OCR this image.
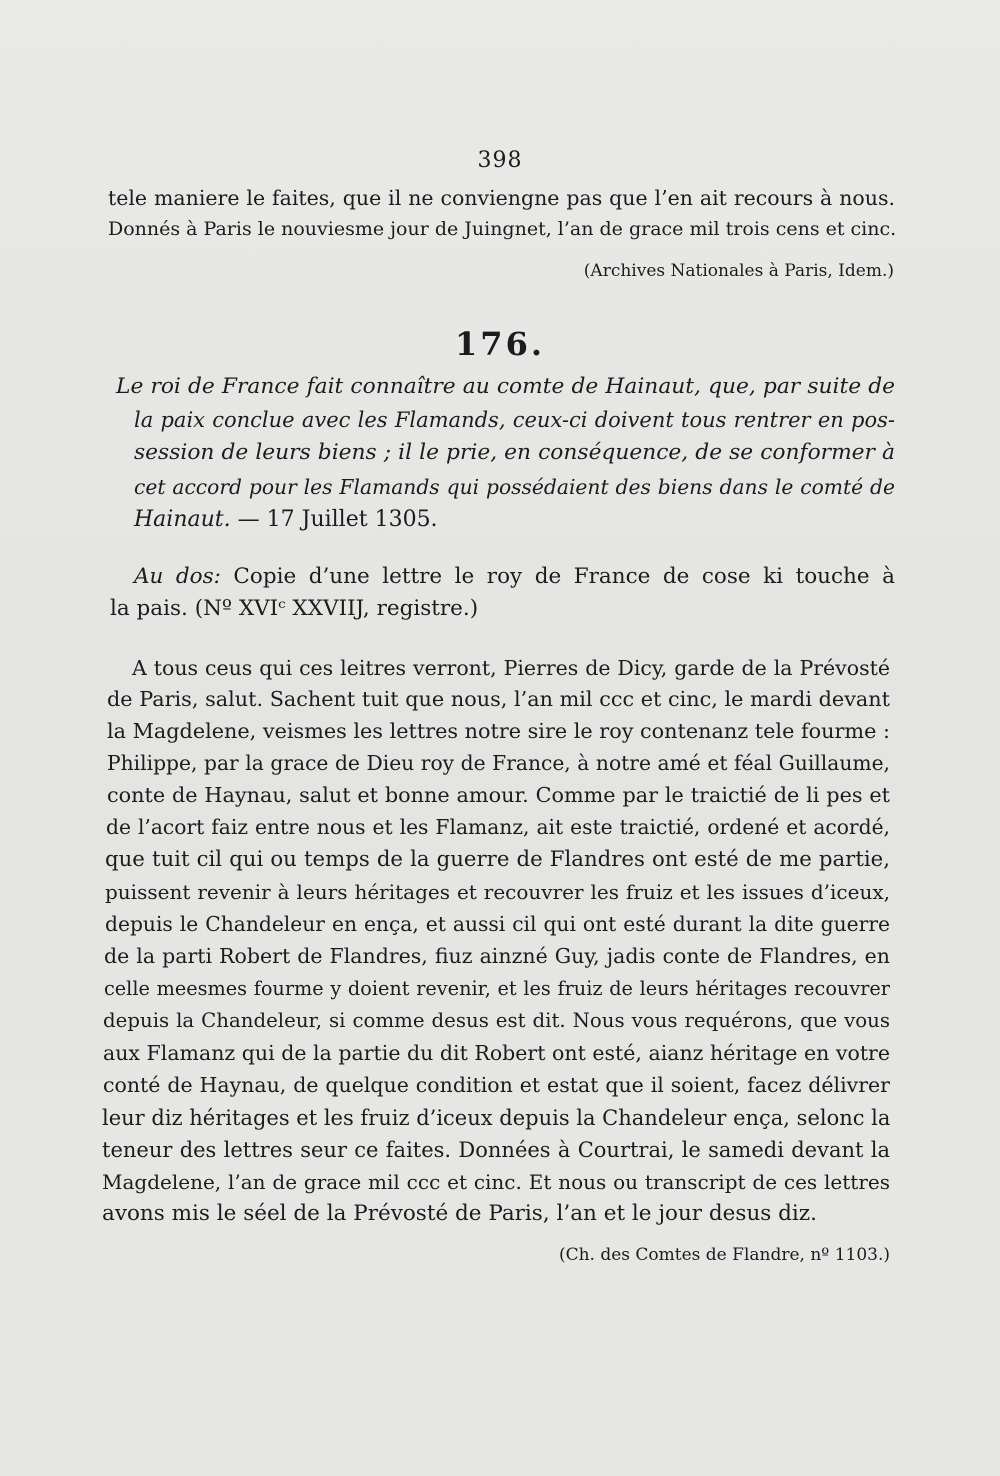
398
tele maniere le faites, que il ne conviengne pas que l’en ait recours à nous.
Donnés à Paris le nouviesme jour de Juingnet, l’an de grace mil trois cens et cinc.
(Archives Nationales à Paris, Idem.)
176.
Le roi de France fait connaître au comte de Hainaut, que, par suite de
la paix conclue avec les Flamands, ceux-ci doivent tous rentrer en pos-
session de leurs biens ; il le prie, en conséquence, de se conformer à
cet accord pour les Flamands qui possédaient des biens dans le comté de
Hainaut. — 17 Juillet 1305.
Au dos: Copie d’une lettre le roy de France de cose ki touche à
la pais. (Nº XVIᶜ XXVIIJ, registre.)
A tous ceus qui ces leitres verront, Pierres de Dicy, garde de la Prévosté
de Paris, salut. Sachent tuit que nous, l’an mil ccc et cinc, le mardi devant
la Magdelene, veismes les lettres notre sire le roy contenanz tele fourme :
Philippe, par la grace de Dieu roy de France, à notre amé et féal Guillaume,
conte de Haynau, salut et bonne amour. Comme par le traictié de li pes et
de l’acort faiz entre nous et les Flamanz, ait este traictié, ordené et acordé,
que tuit cil qui ou temps de la guerre de Flandres ont esté de me partie,
puissent revenir à leurs héritages et recouvrer les fruiz et les issues d’iceux,
depuis le Chandeleur en ença, et aussi cil qui ont esté durant la dite guerre
de la parti Robert de Flandres, fiuz ainzné Guy, jadis conte de Flandres, en
celle meesmes fourme y doient revenir, et les fruiz de leurs héritages recouvrer
depuis la Chandeleur, si comme desus est dit. Nous vous requérons, que vous
aux Flamanz qui de la partie du dit Robert ont esté, aianz héritage en votre
conté de Haynau, de quelque condition et estat que il soient, facez délivrer
leur diz héritages et les fruiz d’iceux depuis la Chandeleur ença, selonc la
teneur des lettres seur ce faites. Données à Courtrai, le samedi devant la
Magdelene, l’an de grace mil ccc et cinc. Et nous ou transcript de ces lettres
avons mis le séel de la Prévosté de Paris, l’an et le jour desus diz.
(Ch. des Comtes de Flandre, nº 1103.)
